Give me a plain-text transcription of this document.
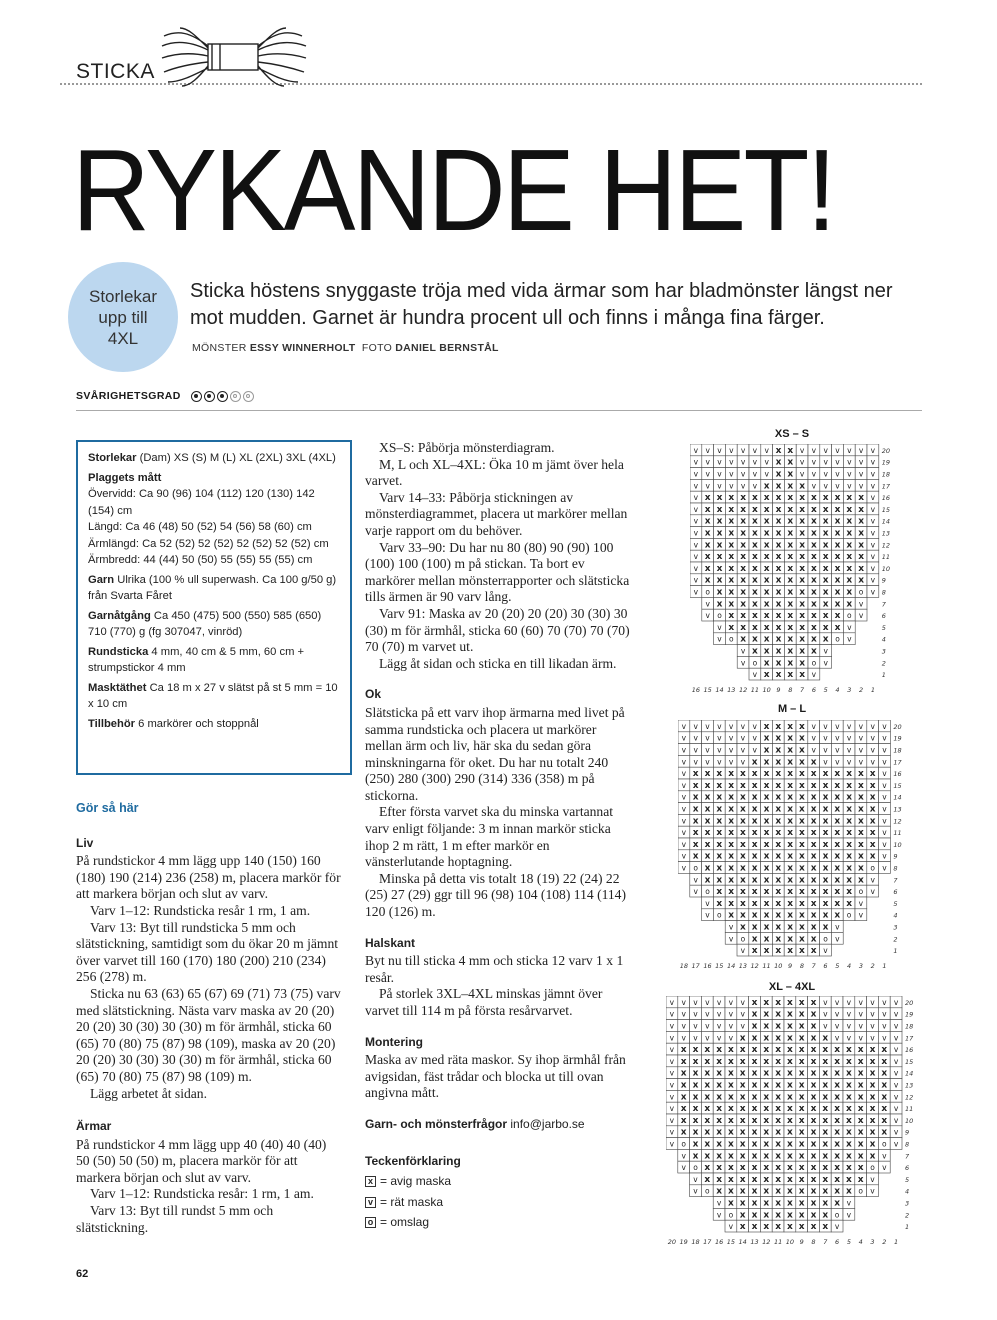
STICKA
RYKANDE HET!
Storlekar
upp till
4XL
Sticka höstens snyggaste tröja med vida ärmar som har bladmönster längst ner mot mudden. Garnet är hundra procent ull och finns i många fina färger.
MÖNSTER ESSY WINNERHOLT FOTO DANIEL BERNSTÅL
SVÅRIGHETSGRAD

Storlekar (Dam) XS (S) M (L) XL (2XL) 3XL (4XL)

Plaggets mått
Övervidd: Ca 90 (96) 104 (112) 120 (130) 142 (154) cm
Längd: Ca 46 (48) 50 (52) 54 (56) 58 (60) cm
Ärmlängd: Ca 52 (52) 52 (52) 52 (52) 52 (52) cm
Ärmbredd: 44 (44) 50 (50) 55 (55) 55 (55) cm

Garn Ulrika (100 % ull superwash. Ca 100 g/50 g) från Svarta Fåret

Garnåtgång Ca 450 (475) 500 (550) 585 (650) 710 (770) g (fg 307047, vinröd)

Rundsticka 4 mm, 40 cm & 5 mm, 60 cm + strumpstickor 4 mm

Masktäthet Ca 18 m x 27 v slätst på st 5 mm = 10 x 10 cm

Tillbehör 6 markörer och stoppnål

Gör så här
Liv

På rundstickor 4 mm lägg upp 140 (150) 160 (180) 190 (214) 236 (258) m, placera markör för att markera början och slut av varv.

Varv 1–12: Rundsticka resår 1 rm, 1 am.

Varv 13: Byt till rundsticka 5 mm och slätstickning, samtidigt som du ökar 20 m jämnt över varvet till 160 (170) 180 (200) 210 (234) 256 (278) m.

Sticka nu 63 (63) 65 (67) 69 (71) 73 (75) varv med slätstickning. Nästa varv maska av 20 (20) 20 (20) 30 (30) 30 (30) m för ärmhål, sticka 60 (65) 70 (80) 75 (87) 98 (109), maska av 20 (20) 20 (20) 30 (30) 30 (30) m för ärmhål, sticka 60 (65) 70 (80) 75 (87) 98 (109) m.

Lägg arbetet åt sidan.

Ärmar

På rundstickor 4 mm lägg upp 40 (40) 40 (40) 50 (50) 50 (50) m, placera markör för att markera början och slut av varv.

Varv 1–12: Rundsticka resår: 1 rm, 1 am.

Varv 13: Byt till rundst 5 mm och slätstickning.

XS–S: Påbörja mönsterdiagram.

M, L och XL–4XL: Öka 10 m jämt över hela varvet.

Varv 14–33: Påbörja stickningen av mönsterdiagrammet, placera ut markörer mellan varje rapport om du behöver.

Varv 33–90: Du har nu 80 (80) 90 (90) 100 (100) 100 (100) m på stickan. Ta bort ev markörer mellan mönsterrapporter och slätsticka tills ärmen är 90 varv lång.

Varv 91: Maska av 20 (20) 20 (20) 30 (30) 30 (30) m för ärmhål, sticka 60 (60) 70 (70) 70 (70) 70 (70) m varvet ut.

Lägg åt sidan och sticka en till likadan ärm.

Ok

Slätsticka på ett varv ihop ärmarna med livet på samma rundsticka och placera ut markörer mellan ärm och liv, här ska du sedan göra minskningarna för oket. Du har nu totalt 240 (250) 280 (300) 290 (314) 336 (358) m på stickorna.

Efter första varvet ska du minska vartannat varv enligt följande: 3 m innan markör sticka ihop 2 m rätt, 1 m efter markör en vänsterlutande hoptagning.

Minska på detta vis totalt 18 (19) 22 (24) 22 (25) 27 (29) ggr till 96 (98) 104 (108) 114 (114) 120 (126) m.

Halskant

Byt nu till sticka 4 mm och sticka 12 varv 1 x 1 resår.

På storlek 3XL–4XL minskas jämnt över varvet till 114 m på första resårvarvet.

Montering

Maska av med räta maskor. Sy ihop ärmhål från avigsidan, fäst trådar och blocka ut till ovan angivna mått.

Garn- och mönsterfrågor info@jarbo.se
Teckenförklaring
x = avig maska
v = rät maska
o = omslag
XS – S
v v v v v v v x x v v v v v v v 20
v v v v v v v x x v v v v v v v 19
v v v v v v v x x v v v v v v v 18
v v v v v v x x x x v v v v v v 17
v x x x x x x x x x x x x x x v 16
v x x x x x x x x x x x x x x v 15
v x x x x x x x x x x x x x x v 14
v x x x x x x x x x x x x x x v 13
v x x x x x x x x x x x x x x v 12
v x x x x x x x x x x x x x x v 11
v x x x x x x x x x x x x x x v 10
v x x x x x x x x x x x x x x v 9
v o x x x x x x x x x x x x o v 8
v x x x x x x x x x x x x v	7
v o x x x x x x x x x x o v	6
v x x x x x x x x x x v	5
v o x x x x x x x x o v	4
v x x x x x x v	3
v o x x x x o v	2
v x x x x v	1
16 15 14 13 12 11 10 9 8 7 6 5 4 3 2 1
M – L
v v v v v v v x x x x v v v v v v v 20
v v v v v v v x x x x v v v v v v v 19
v v v v v v v x x x x v v v v v v v 18
v v v v v v x x x x x x v v v v v v 17
v x x x x x x x x x x x x x x x x v 16
v x x x x x x x x x x x x x x x x v 15
v x x x x x x x x x x x x x x x x v 14
v x x x x x x x x x x x x x x x x v 13
v x x x x x x x x x x x x x x x x v 12
v x x x x x x x x x x x x x x x x v 11
v x x x x x x x x x x x x x x x x v 10
v x x x x x x x x x x x x x x x x v 9
v o x x x x x x x x x x x x x x o v 8
v x x x x x x x x x x x x x x v	7
v o x x x x x x x x x x x x o v	6
v x x x x x x x x x x x x v	5
v o x x x x x x x x x x o v	4
v x x x x x x x x v	3
v o x x x x x x o v	2
v x x x x x x v	1
18 17 16 15 14 13 12 11 10 9 8 7 6 5 4 3 2 1
XL – 4XL
v v v v v v v x x x x x x v v v v v v v 20
v v v v v v v x x x x x x v v v v v v v 19
v v v v v v v x x x x x x v v v v v v v 18
v v v v v v x x x x x x x x v v v v v v 17
v x x x x x x x x x x x x x x x x x x v 16
v x x x x x x x x x x x x x x x x x x v 15
v x x x x x x x x x x x x x x x x x x v 14
v x x x x x x x x x x x x x x x x x x v 13
v x x x x x x x x x x x x x x x x x x v 12
v x x x x x x x x x x x x x x x x x x v 11
v x x x x x x x x x x x x x x x x x x v 10
v x x x x x x x x x x x x x x x x x x v 9
v o x x x x x x x x x x x x x x x x o v 8
v x x x x x x x x x x x x x x x x v	7
v o x x x x x x x x x x x x x x o v	6
v x x x x x x x x x x x x x x v	5
v o x x x x x x x x x x x x o v	4
v x x x x x x x x x x v	3
v o x x x x x x x x o v	2
v x x x x x x x x v	1
20 19 18 17 16 15 14 13 12 11 10 9 8 7 6 5 4 3 2 1
62
